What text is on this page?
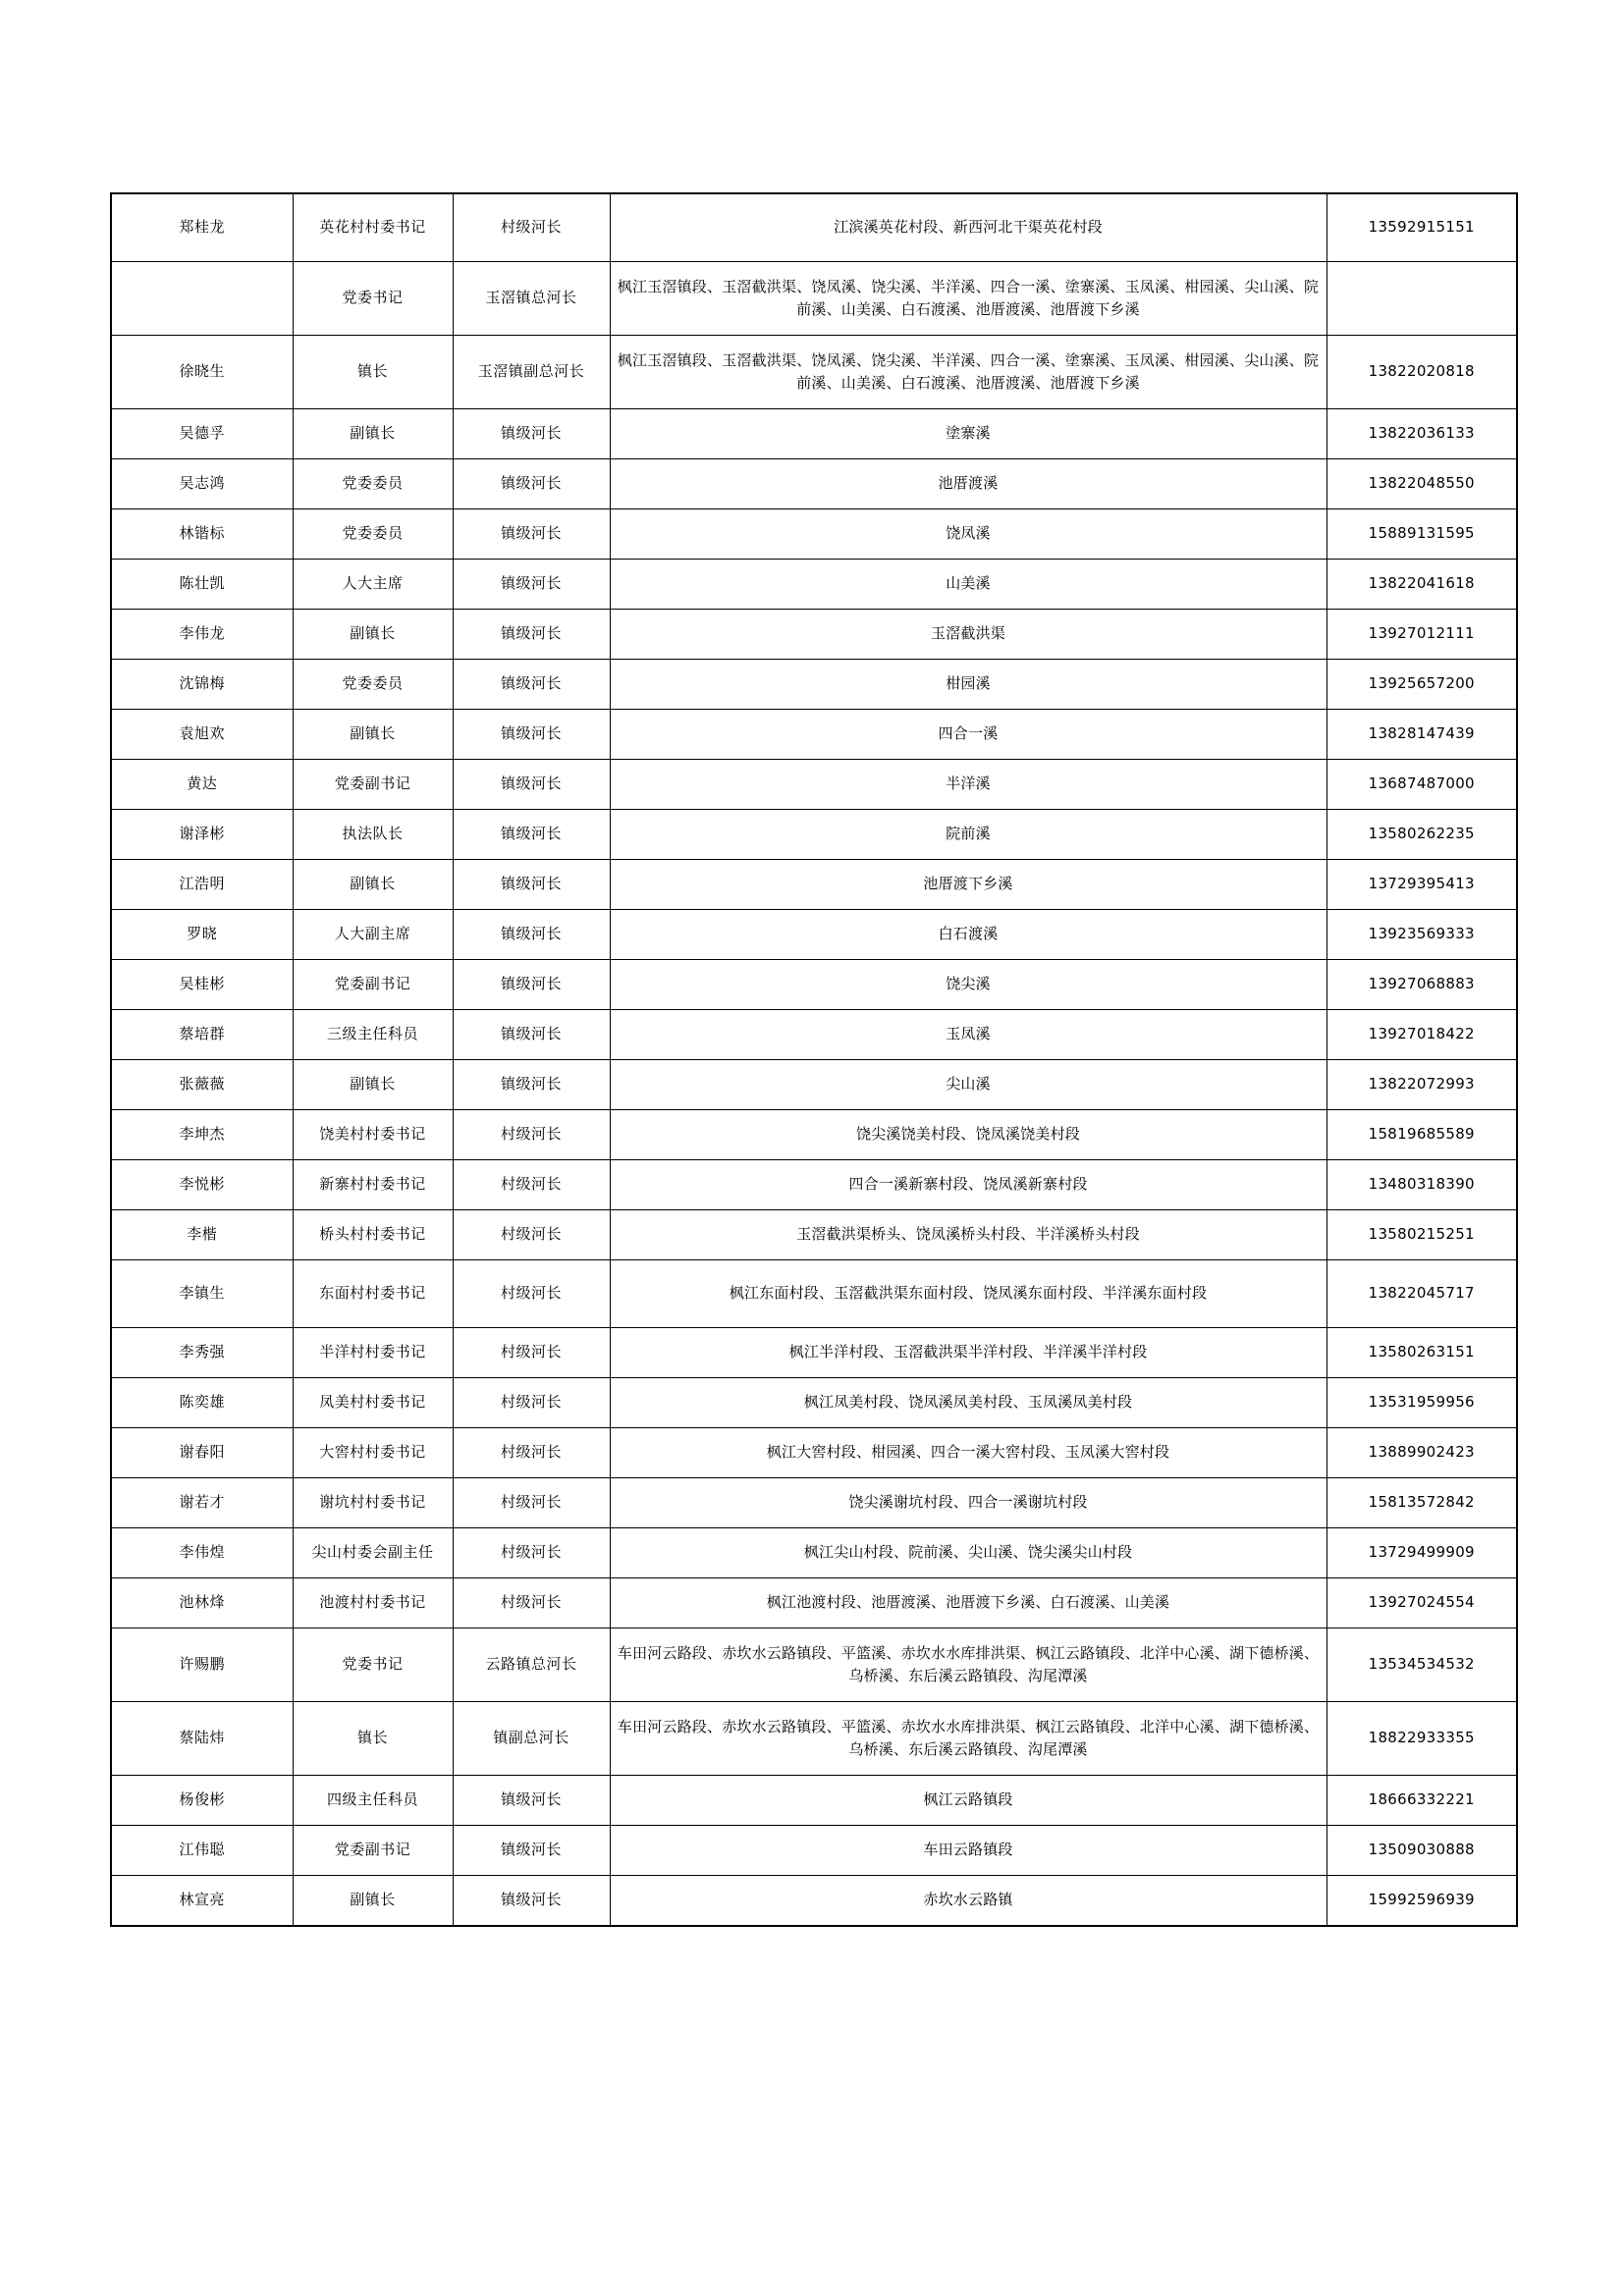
郑桂龙	英花村村委书记	村级河长	江滨溪英花村段、新西河北干渠英花村段	13592915151
	党委书记	玉滘镇总河长	枫江玉滘镇段、玉滘截洪渠、饶凤溪、饶尖溪、半洋溪、四合一溪、塗寨溪、玉凤溪、柑园溪、尖山溪、院前溪、山美溪、白石渡溪、池厝渡溪、池厝渡下乡溪	
徐晓生	镇长	玉滘镇副总河长	枫江玉滘镇段、玉滘截洪渠、饶凤溪、饶尖溪、半洋溪、四合一溪、塗寨溪、玉凤溪、柑园溪、尖山溪、院前溪、山美溪、白石渡溪、池厝渡溪、池厝渡下乡溪	13822020818
吴德孚	副镇长	镇级河长	塗寨溪	13822036133
吴志鸿	党委委员	镇级河长	池厝渡溪	13822048550
林锴标	党委委员	镇级河长	饶凤溪	15889131595
陈壮凯	人大主席	镇级河长	山美溪	13822041618
李伟龙	副镇长	镇级河长	玉滘截洪渠	13927012111
沈锦梅	党委委员	镇级河长	柑园溪	13925657200
袁旭欢	副镇长	镇级河长	四合一溪	13828147439
黄达	党委副书记	镇级河长	半洋溪	13687487000
谢泽彬	执法队长	镇级河长	院前溪	13580262235
江浩明	副镇长	镇级河长	池厝渡下乡溪	13729395413
罗晓	人大副主席	镇级河长	白石渡溪	13923569333
吴桂彬	党委副书记	镇级河长	饶尖溪	13927068883
蔡培群	三级主任科员	镇级河长	玉凤溪	13927018422
张薇薇	副镇长	镇级河长	尖山溪	13822072993
李坤杰	饶美村村委书记	村级河长	饶尖溪饶美村段、饶凤溪饶美村段	15819685589
李悦彬	新寨村村委书记	村级河长	四合一溪新寨村段、饶凤溪新寨村段	13480318390
李楷	桥头村村委书记	村级河长	玉滘截洪渠桥头、饶凤溪桥头村段、半洋溪桥头村段	13580215251
李镇生	东面村村委书记	村级河长	枫江东面村段、玉滘截洪渠东面村段、饶凤溪东面村段、半洋溪东面村段	13822045717
李秀强	半洋村村委书记	村级河长	枫江半洋村段、玉滘截洪渠半洋村段、半洋溪半洋村段	13580263151
陈奕雄	凤美村村委书记	村级河长	枫江凤美村段、饶凤溪凤美村段、玉凤溪凤美村段	13531959956
谢春阳	大窖村村委书记	村级河长	枫江大窖村段、柑园溪、四合一溪大窖村段、玉凤溪大窖村段	13889902423
谢若才	谢坑村村委书记	村级河长	饶尖溪谢坑村段、四合一溪谢坑村段	15813572842
李伟煌	尖山村委会副主任	村级河长	枫江尖山村段、院前溪、尖山溪、饶尖溪尖山村段	13729499909
池林烽	池渡村村委书记	村级河长	枫江池渡村段、池厝渡溪、池厝渡下乡溪、白石渡溪、山美溪	13927024554
许赐鹏	党委书记	云路镇总河长	车田河云路段、赤坎水云路镇段、平篮溪、赤坎水水库排洪渠、枫江云路镇段、北洋中心溪、湖下德桥溪、乌桥溪、东后溪云路镇段、沟尾潭溪	13534534532
蔡陆炜	镇长	镇副总河长	车田河云路段、赤坎水云路镇段、平篮溪、赤坎水水库排洪渠、枫江云路镇段、北洋中心溪、湖下德桥溪、乌桥溪、东后溪云路镇段、沟尾潭溪	18822933355
杨俊彬	四级主任科员	镇级河长	枫江云路镇段	18666332221
江伟聪	党委副书记	镇级河长	车田云路镇段	13509030888
林宣亮	副镇长	镇级河长	赤坎水云路镇	15992596939
